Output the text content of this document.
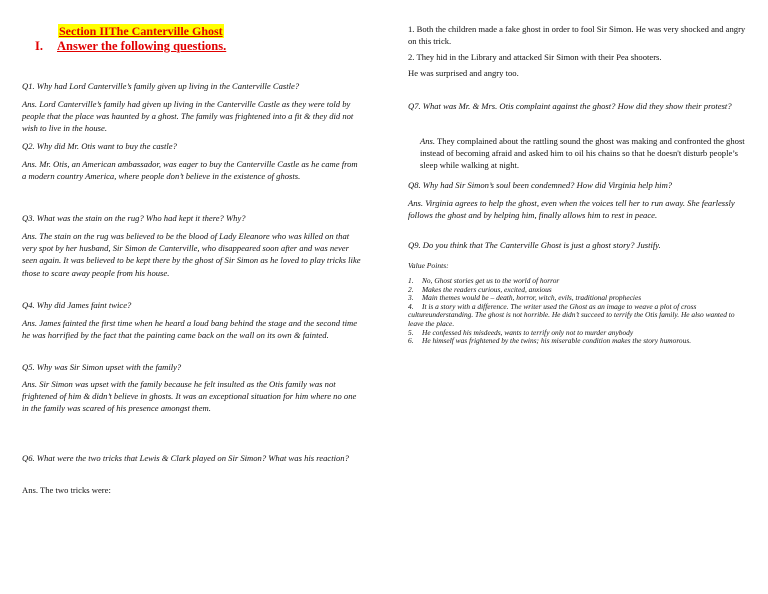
Section IIThe Canterville Ghost
I. Answer the following questions.
Q1. Why had Lord Canterville’s family given up living in the Canterville Castle?
Ans. Lord Canterville’s family had given up living in the Canterville Castle as they were told by people that the place was haunted by a ghost. The family was frightened into a fit & they did not wish to live in the house.
Q2. Why did Mr. Otis want to buy the castle?
Ans. Mr. Otis, an American ambassador, was eager to buy the Canterville Castle as he came from a modern country America, where people don’t believe in the existence of ghosts.
Q3. What was the stain on the rug? Who had kept it there? Why?
Ans. The stain on the rug was believed to be the blood of Lady Eleanore who was killed on that very spot by her husband, Sir Simon de Canterville, who disappeared soon after and was never seen again. It was believed to be kept there by the ghost of Sir Simon as he loved to play tricks like those to scare away people from his house.
Q4. Why did James faint twice?
Ans. James fainted the first time when he heard a loud bang behind the stage and the second time he was horrified by the fact that the painting came back on the wall on its own & fainted.
Q5. Why was Sir Simon upset with the family?
Ans. Sir Simon was upset with the family because he felt insulted as the Otis family was not frightened of him & didn’t believe in ghosts. It was an exceptional situation for him where no one in the family was scared of his presence amongst them.
Q6. What were the two tricks that Lewis & Clark played on Sir Simon? What was his reaction?
Ans. The two tricks were:
1. Both the children made a fake ghost in order to fool Sir Simon. He was very shocked and angry on this trick.
2. They hid in the Library and attacked Sir Simon with their Pea shooters.
He was surprised and angry too.
Q7. What was Mr. & Mrs. Otis complaint against the ghost? How did they show their protest?
Ans. They complained about the rattling sound the ghost was making and confronted the ghost instead of becoming afraid and asked him to oil his chains so that he doesn't disturb people’s sleep while walking at night.
Q8. Why had Sir Simon’s soul been condemned? How did Virginia help him?
Ans. Virginia agrees to help the ghost, even when the voices tell her to run away. She fearlessly follows the ghost and by helping him, finally allows him to rest in peace.
Q9. Do you think that The Canterville Ghost is just a ghost story? Justify.
Value Points:
1. No, Ghost stories get us to the world of horror
2. Makes the readers curious, excited, anxious
3. Main themes would be – death, horror, witch, evils, traditional prophecies
4. It is a story with a difference. The writer used the Ghost as an image to weave a plot of cross cultureunderstanding. The ghost is not horrible. He didn’t succeed to terrify the Otis family. He also wanted to leave the place.
5. He confessed his misdeeds, wants to terrify only not to murder anybody
6. He himself was frightened by the twins; his miserable condition makes the story humorous.
